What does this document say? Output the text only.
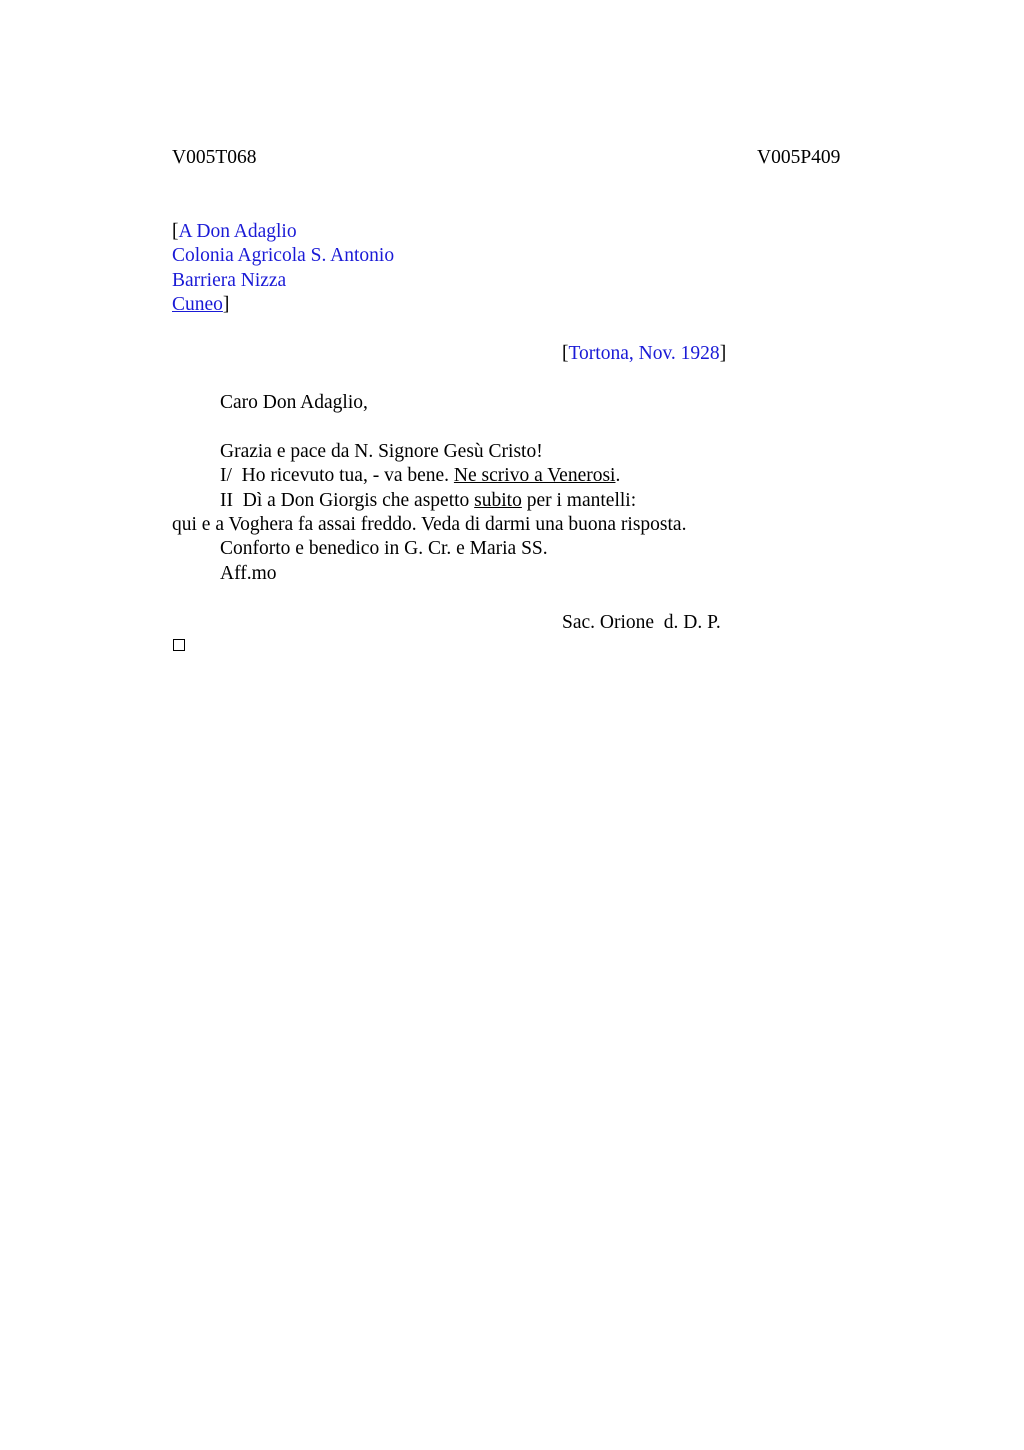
V005T068	V005P409
[A Don Adaglio
Colonia Agricola S. Antonio
Barriera Nizza
Cuneo]
[Tortona, Nov. 1928]
Caro Don Adaglio,
Grazia e pace da N. Signore Gesù Cristo!
I/  Ho ricevuto tua, - va bene. Ne scrivo a Venerosi.
II  Dì a Don Giorgis che aspetto subito per i mantelli:
qui e a Voghera fa assai freddo. Veda di darmi una buona risposta.
Conforto e benedico in G. Cr. e Maria SS.
Aff.mo
Sac. Orione  d. D. P.
